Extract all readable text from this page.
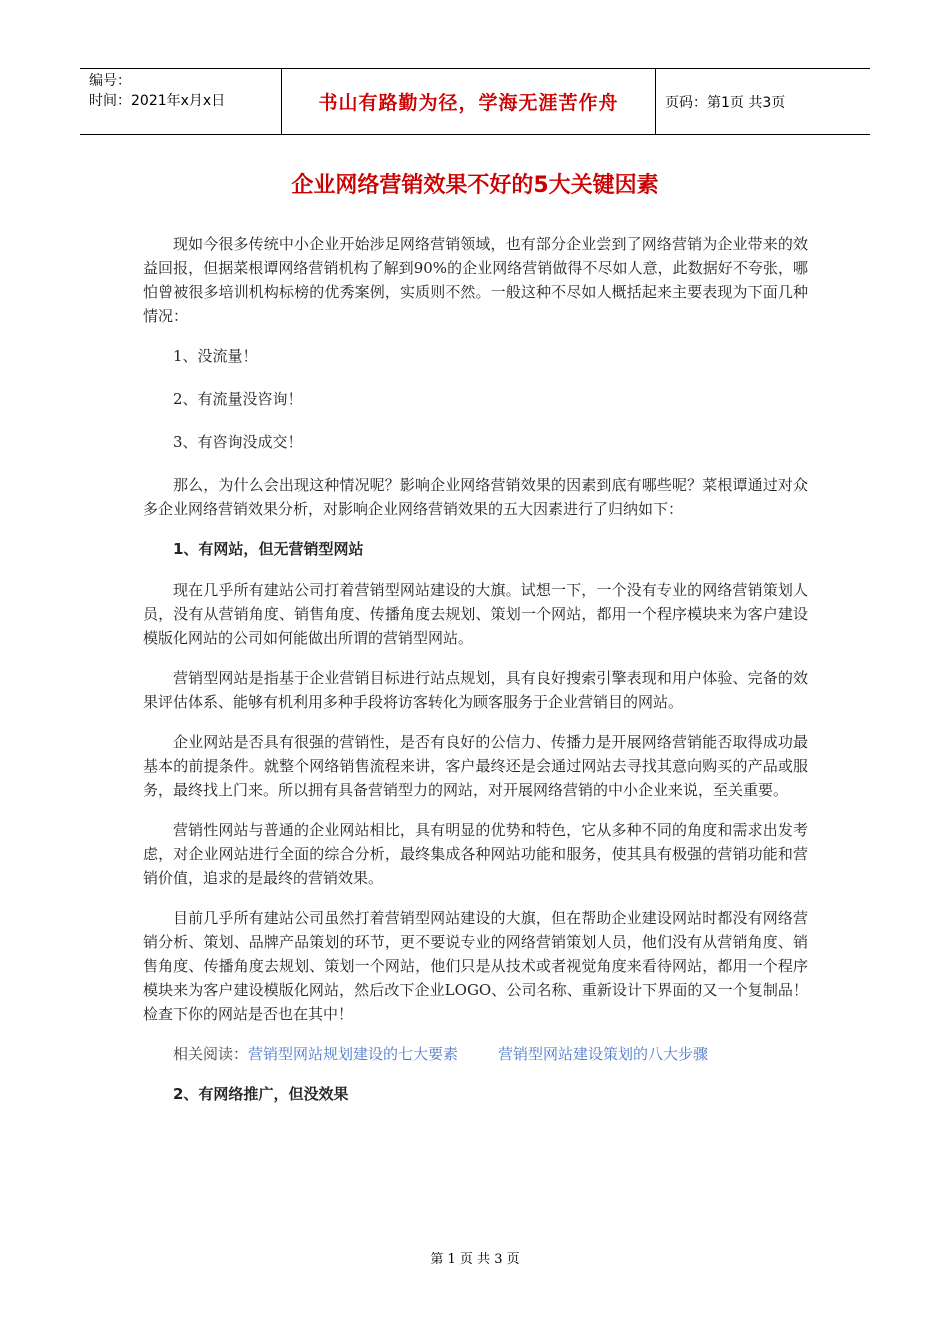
编号：
时间：2021年x月x日	书山有路勤为径，学海无涯苦作舟	页码：第1页 共3页
企业网络营销效果不好的5大关键因素

现如今很多传统中小企业开始涉足网络营销领域，也有部分企业尝到了网络营销为企业带来的效益回报，但据菜根谭网络营销机构了解到90%的企业网络营销做得不尽如人意，此数据好不夸张，哪怕曾被很多培训机构标榜的优秀案例，实质则不然。一般这种不尽如人概括起来主要表现为下面几种情况：

1、没流量！

2、有流量没咨询！

3、有咨询没成交！

那么，为什么会出现这种情况呢？影响企业网络营销效果的因素到底有哪些呢？菜根谭通过对众多企业网络营销效果分析，对影响企业网络营销效果的五大因素进行了归纳如下：

1、有网站，但无营销型网站

现在几乎所有建站公司打着营销型网站建设的大旗。试想一下，一个没有专业的网络营销策划人员，没有从营销角度、销售角度、传播角度去规划、策划一个网站，都用一个程序模块来为客户建设模版化网站的公司如何能做出所谓的营销型网站。

营销型网站是指基于企业营销目标进行站点规划，具有良好搜索引擎表现和用户体验、完备的效果评估体系、能够有机利用多种手段将访客转化为顾客服务于企业营销目的网站。

企业网站是否具有很强的营销性，是否有良好的公信力、传播力是开展网络营销能否取得成功最基本的前提条件。就整个网络销售流程来讲，客户最终还是会通过网站去寻找其意向购买的产品或服务，最终找上门来。所以拥有具备营销型力的网站，对开展网络营销的中小企业来说，至关重要。

营销性网站与普通的企业网站相比，具有明显的优势和特色，它从多种不同的角度和需求出发考虑，对企业网站进行全面的综合分析，最终集成各种网站功能和服务，使其具有极强的营销功能和营销价值，追求的是最终的营销效果。

目前几乎所有建站公司虽然打着营销型网站建设的大旗，但在帮助企业建设网站时都没有网络营销分析、策划、品牌产品策划的环节，更不要说专业的网络营销策划人员，他们没有从营销角度、销售角度、传播角度去规划、策划一个网站，他们只是从技术或者视觉角度来看待网站，都用一个程序模块来为客户建设模版化网站，然后改下企业LOGO、公司名称、重新设计下界面的又一个复制品！检查下你的网站是否也在其中！

相关阅读：营销型网站规划建设的七大要素	营销型网站建设策划的八大步骤

2、有网络推广，但没效果

第 1 页 共 3 页
